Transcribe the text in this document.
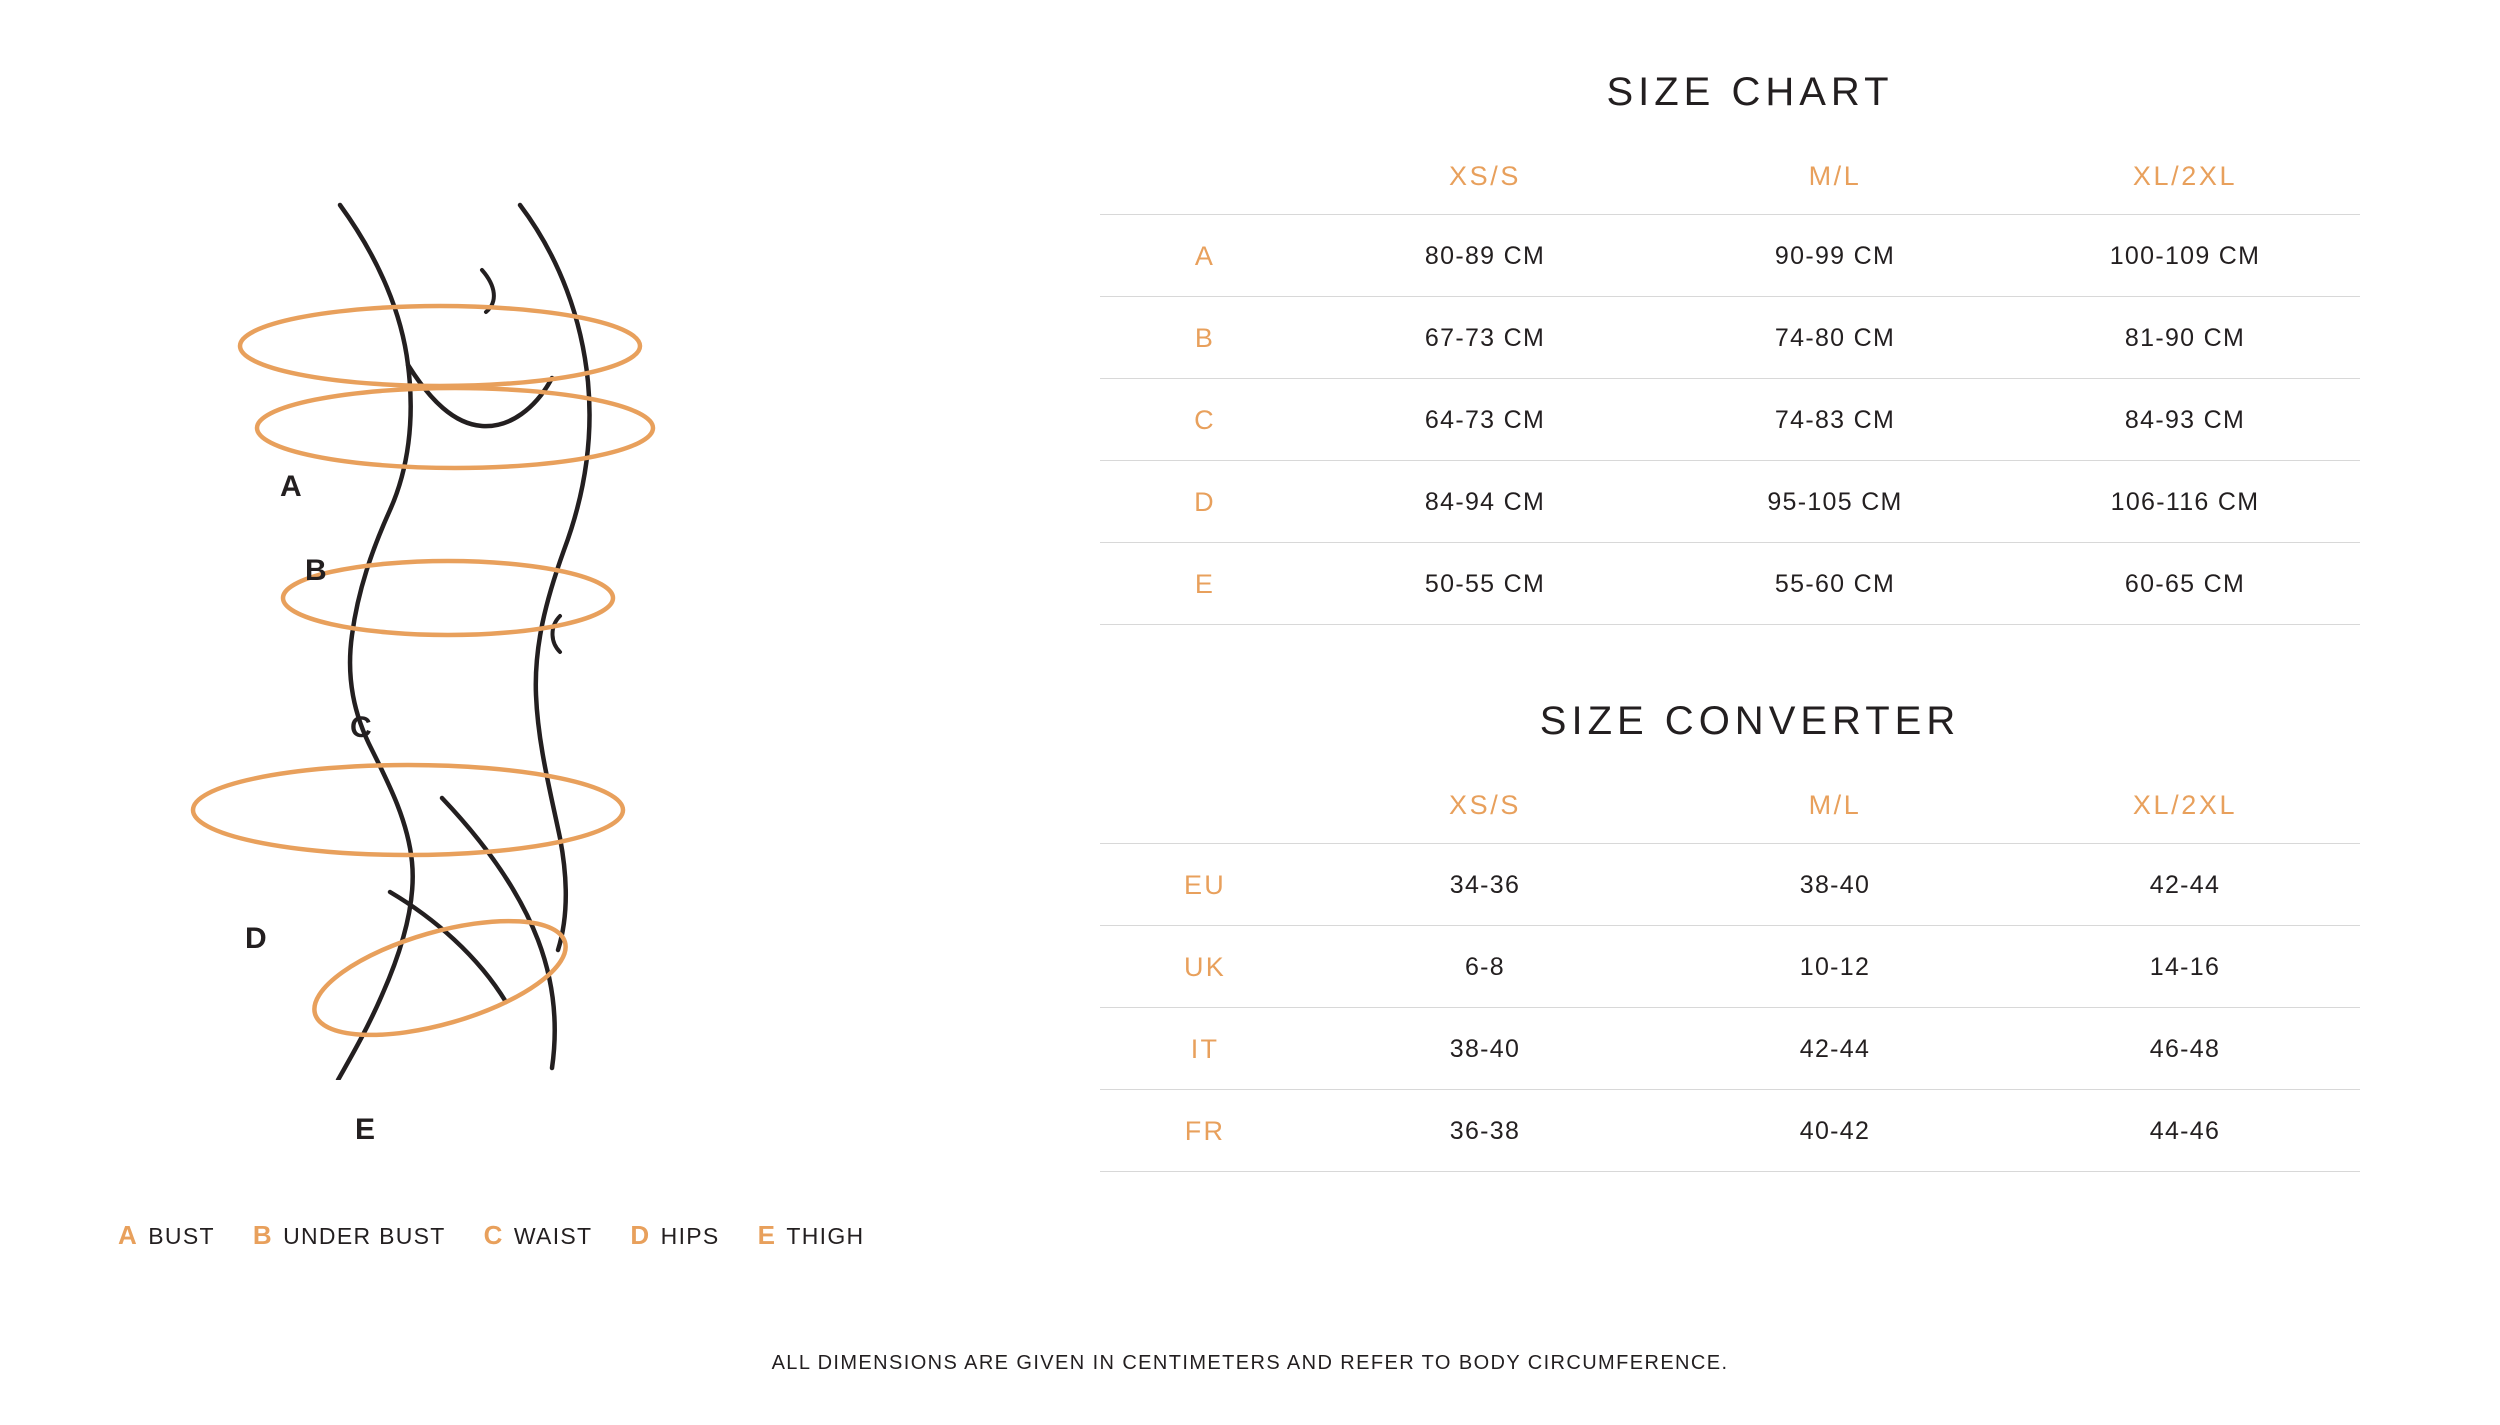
A
B
C
D
E
A BUST B UNDER BUST C WAIST D HIPS E THIGH
SIZE CHART
	XS/S	M/L	XL/2XL
A	80-89 CM	90-99 CM	100-109 CM
B	67-73 CM	74-80 CM	81-90 CM
C	64-73 CM	74-83 CM	84-93 CM
D	84-94 CM	95-105 CM	106-116 CM
E	50-55 CM	55-60 CM	60-65 CM
SIZE CONVERTER
	XS/S	M/L	XL/2XL
EU	34-36	38-40	42-44
UK	6-8	10-12	14-16
IT	38-40	42-44	46-48
FR	36-38	40-42	44-46
ALL DIMENSIONS ARE GIVEN IN CENTIMETERS AND REFER TO BODY CIRCUMFERENCE.
